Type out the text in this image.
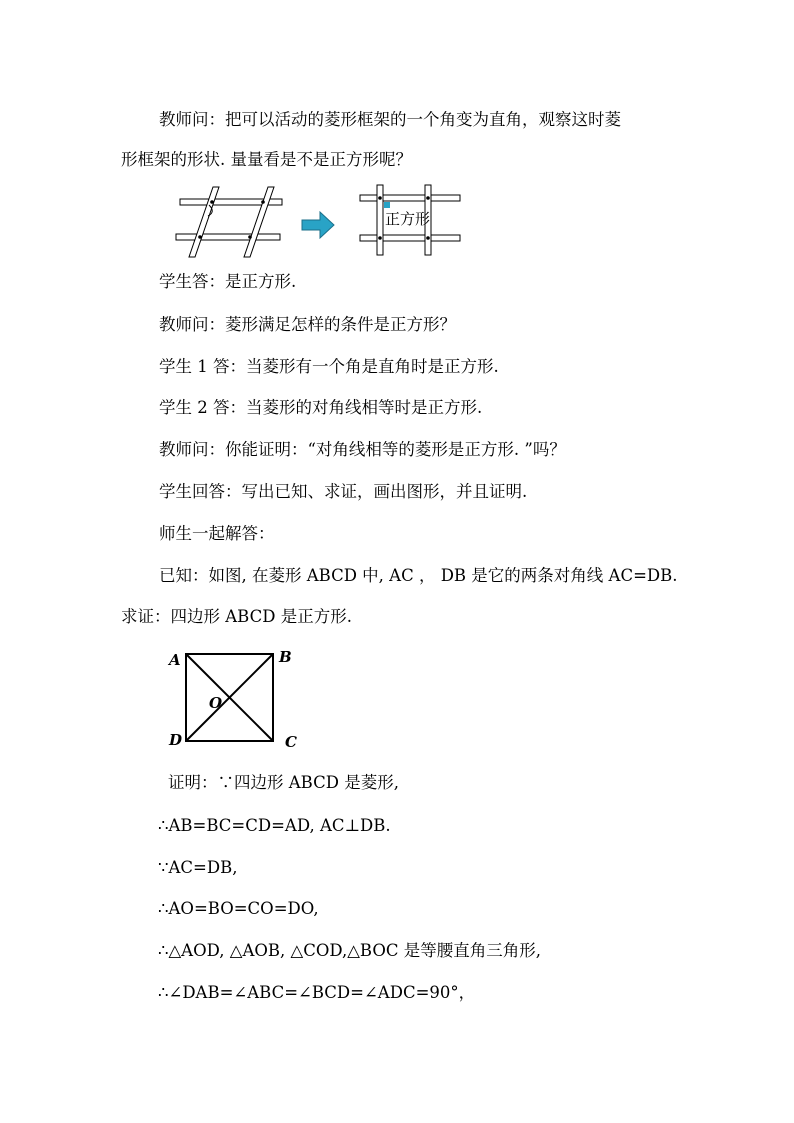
教师问：把可以活动的菱形框架的一个角变为直角，观察这时菱
形框架的形状. 量量看是不是正方形呢？
正方形
学生答：是正方形.
教师问：菱形满足怎样的条件是正方形？
学生 1 答：当菱形有一个角是直角时是正方形.
学生 2 答：当菱形的对角线相等时是正方形.
教师问：你能证明：“对角线相等的菱形是正方形. ”吗？
学生回答：写出已知、求证，画出图形，并且证明.
师生一起解答：
已知：如图, 在菱形 ABCD 中, AC ， DB 是它的两条对角线 AC=DB.
求证：四边形 ABCD 是正方形.
A	B
C
D
O
证明：∵四边形 ABCD 是菱形,
∴AB=BC=CD=AD, AC⊥DB.
∵AC=DB,
∴AO=BO=CO=DO,
∴△AOD, △AOB, △COD,△BOC 是等腰直角三角形,
∴∠DAB=∠ABC=∠BCD=∠ADC=90°，
